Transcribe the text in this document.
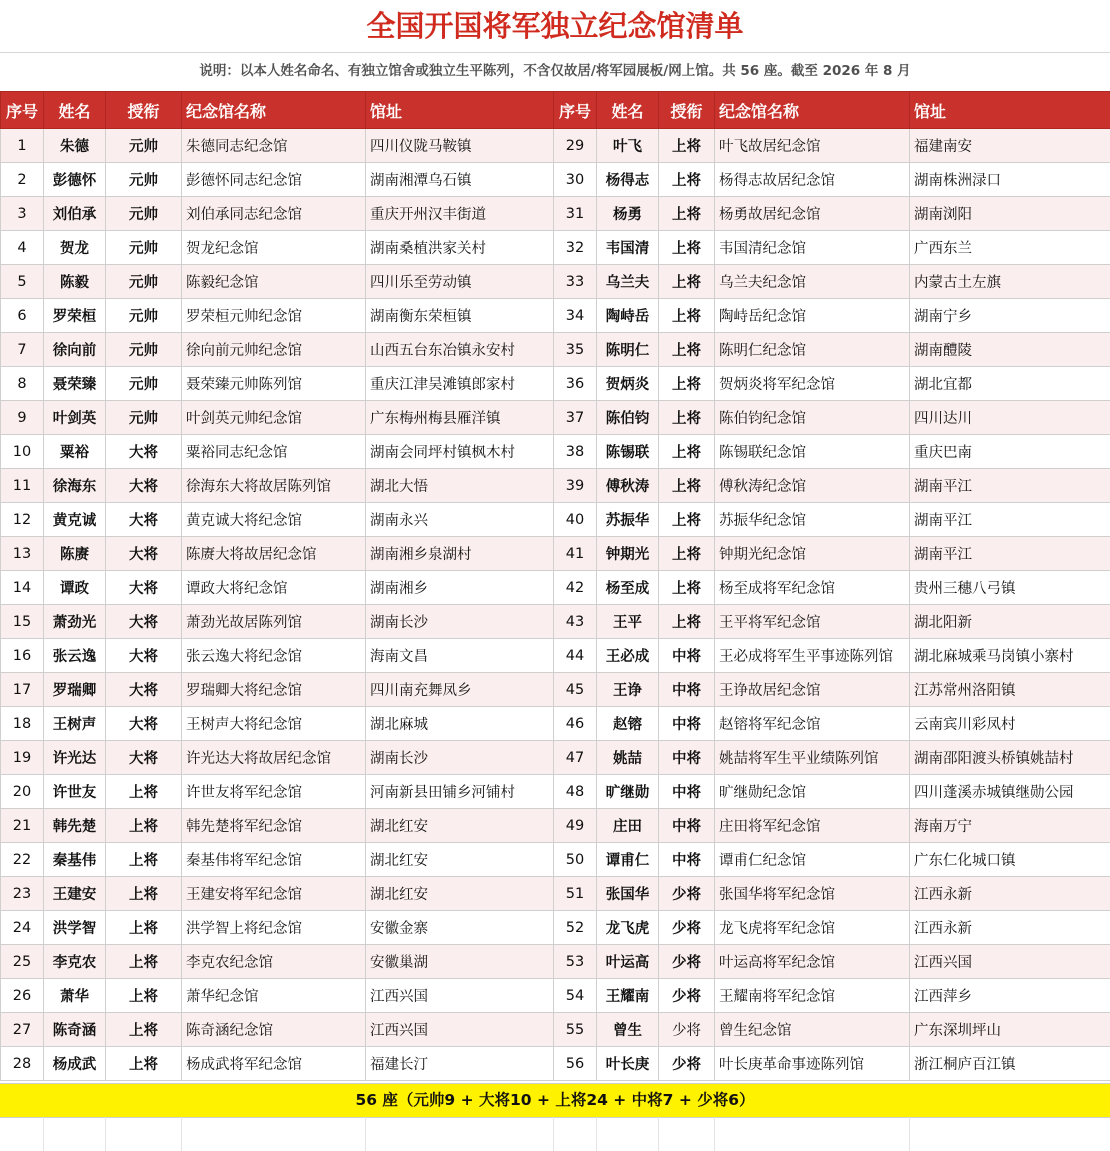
全国开国将军独立纪念馆清单
说明：以本人姓名命名、有独立馆舍或独立生平陈列，不含仅故居/将军园展板/网上馆。共 56 座。截至 2026 年 8 月
序号	姓名	授衔	纪念馆名称	馆址	序号	姓名	授衔	纪念馆名称	馆址
1	朱德	元帅	朱德同志纪念馆	四川仪陇马鞍镇	29	叶飞	上将	叶飞故居纪念馆	福建南安
2	彭德怀	元帅	彭德怀同志纪念馆	湖南湘潭乌石镇	30	杨得志	上将	杨得志故居纪念馆	湖南株洲渌口
3	刘伯承	元帅	刘伯承同志纪念馆	重庆开州汉丰街道	31	杨勇	上将	杨勇故居纪念馆	湖南浏阳
4	贺龙	元帅	贺龙纪念馆	湖南桑植洪家关村	32	韦国清	上将	韦国清纪念馆	广西东兰
5	陈毅	元帅	陈毅纪念馆	四川乐至劳动镇	33	乌兰夫	上将	乌兰夫纪念馆	内蒙古土左旗
6	罗荣桓	元帅	罗荣桓元帅纪念馆	湖南衡东荣桓镇	34	陶峙岳	上将	陶峙岳纪念馆	湖南宁乡
7	徐向前	元帅	徐向前元帅纪念馆	山西五台东冶镇永安村	35	陈明仁	上将	陈明仁纪念馆	湖南醴陵
8	聂荣臻	元帅	聂荣臻元帅陈列馆	重庆江津吴滩镇郎家村	36	贺炳炎	上将	贺炳炎将军纪念馆	湖北宜都
9	叶剑英	元帅	叶剑英元帅纪念馆	广东梅州梅县雁洋镇	37	陈伯钧	上将	陈伯钧纪念馆	四川达川
10	粟裕	大将	粟裕同志纪念馆	湖南会同坪村镇枫木村	38	陈锡联	上将	陈锡联纪念馆	重庆巴南
11	徐海东	大将	徐海东大将故居陈列馆	湖北大悟	39	傅秋涛	上将	傅秋涛纪念馆	湖南平江
12	黄克诚	大将	黄克诚大将纪念馆	湖南永兴	40	苏振华	上将	苏振华纪念馆	湖南平江
13	陈赓	大将	陈赓大将故居纪念馆	湖南湘乡泉湖村	41	钟期光	上将	钟期光纪念馆	湖南平江
14	谭政	大将	谭政大将纪念馆	湖南湘乡	42	杨至成	上将	杨至成将军纪念馆	贵州三穗八弓镇
15	萧劲光	大将	萧劲光故居陈列馆	湖南长沙	43	王平	上将	王平将军纪念馆	湖北阳新
16	张云逸	大将	张云逸大将纪念馆	海南文昌	44	王必成	中将	王必成将军生平事迹陈列馆	湖北麻城乘马岗镇小寨村
17	罗瑞卿	大将	罗瑞卿大将纪念馆	四川南充舞凤乡	45	王诤	中将	王诤故居纪念馆	江苏常州洛阳镇
18	王树声	大将	王树声大将纪念馆	湖北麻城	46	赵镕	中将	赵镕将军纪念馆	云南宾川彩凤村
19	许光达	大将	许光达大将故居纪念馆	湖南长沙	47	姚喆	中将	姚喆将军生平业绩陈列馆	湖南邵阳渡头桥镇姚喆村
20	许世友	上将	许世友将军纪念馆	河南新县田铺乡河铺村	48	旷继勋	中将	旷继勋纪念馆	四川蓬溪赤城镇继勋公园
21	韩先楚	上将	韩先楚将军纪念馆	湖北红安	49	庄田	中将	庄田将军纪念馆	海南万宁
22	秦基伟	上将	秦基伟将军纪念馆	湖北红安	50	谭甫仁	中将	谭甫仁纪念馆	广东仁化城口镇
23	王建安	上将	王建安将军纪念馆	湖北红安	51	张国华	少将	张国华将军纪念馆	江西永新
24	洪学智	上将	洪学智上将纪念馆	安徽金寨	52	龙飞虎	少将	龙飞虎将军纪念馆	江西永新
25	李克农	上将	李克农纪念馆	安徽巢湖	53	叶运高	少将	叶运高将军纪念馆	江西兴国
26	萧华	上将	萧华纪念馆	江西兴国	54	王耀南	少将	王耀南将军纪念馆	江西萍乡
27	陈奇涵	上将	陈奇涵纪念馆	江西兴国	55	曾生	少将	曾生纪念馆	广东深圳坪山
28	杨成武	上将	杨成武将军纪念馆	福建长汀	56	叶长庚	少将	叶长庚革命事迹陈列馆	浙江桐庐百江镇
56 座（元帅9 + 大将10 + 上将24 + 中将7 + 少将6）
